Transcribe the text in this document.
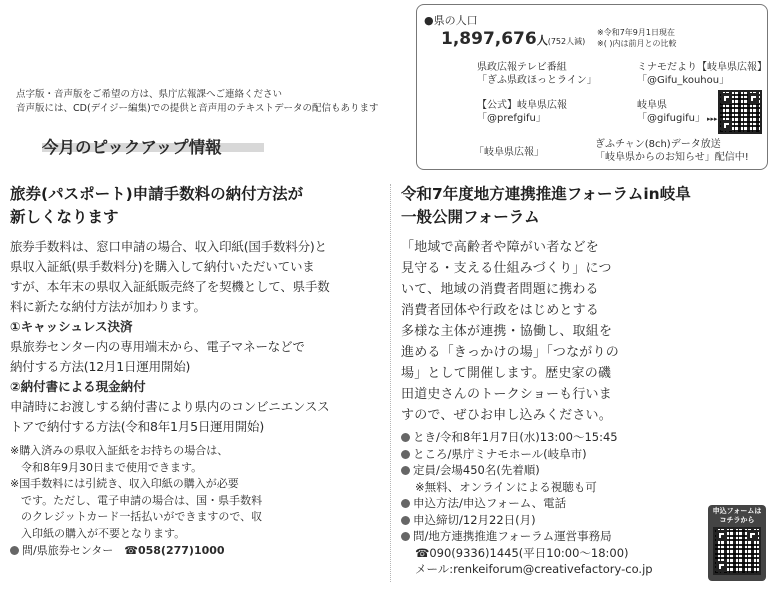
●県の人口
1,897,676人(752人減)
※令和7年9月1日現在
※( )内は前月との比較
県政広報テレビ番組
「ぎふ県政ほっとライン」
ミナモだより【岐阜県広報】
「@Gifu_kouhou」
【公式】岐阜県広報
「@prefgifu」
岐阜県
「@gifugifu」 ▸▸▸
「岐阜県広報」
ぎふチャン(8ch)データ放送
「岐阜県からのお知らせ」配信中!
点字版・音声版をご希望の方は、県庁広報課へご連絡ください
音声版には、CD(デイジー編集)での提供と音声用のテキストデータの配信もあります
今月のピックアップ情報
旅券(パスポート)申請手数料の納付方法が
新しくなります
旅券手数料は、窓口申請の場合、収入印紙(国手数料分)と
県収入証紙(県手数料分)を購入して納付いただいていま
すが、本年末の県収入証紙販売終了を契機として、県手数
料に新たな納付方法が加わります。
①キャッシュレス決済
県旅券センター内の専用端末から、電子マネーなどで
納付する方法(12月1日運用開始)
②納付書による現金納付
申請時にお渡しする納付書により県内のコンビニエンスス
トアで納付する方法(令和8年1月5日運用開始)
※購入済みの県収入証紙をお持ちの場合は、
　令和8年9月30日まで使用できます。
※国手数料には引続き、収入印紙の購入が必要
　です。ただし、電子申請の場合は、国・県手数料
　のクレジットカード一括払いができますので、収
　入印紙の購入が不要となります。
問/県旅券センター　 ☎058(277)1000
令和7年度地方連携推進フォーラムin岐阜
一般公開フォーラム
「地域で高齢者や障がい者などを
見守る・支える仕組みづくり」につ
いて、地域の消費者問題に携わる
消費者団体や行政をはじめとする
多様な主体が連携・協働し、取組を
進める「きっかけの場」「つながりの
場」として開催します。歴史家の磯
田道史さんのトークショーも行いま
すので、ぜひお申し込みください。
とき/令和8年1月7日(水)13:00～15:45
ところ/県庁ミナモホール(岐阜市)
定員/会場450名(先着順)
※無料、オンラインによる視聴も可
申込方法/申込フォーム、電話
申込締切/12月22日(月)
問/地方連携推進フォーラム運営事務局
☎090(9336)1445(平日10:00～18:00)
メール:renkeiforum@creativefactory-co.jp
申込フォームは
コチラから
